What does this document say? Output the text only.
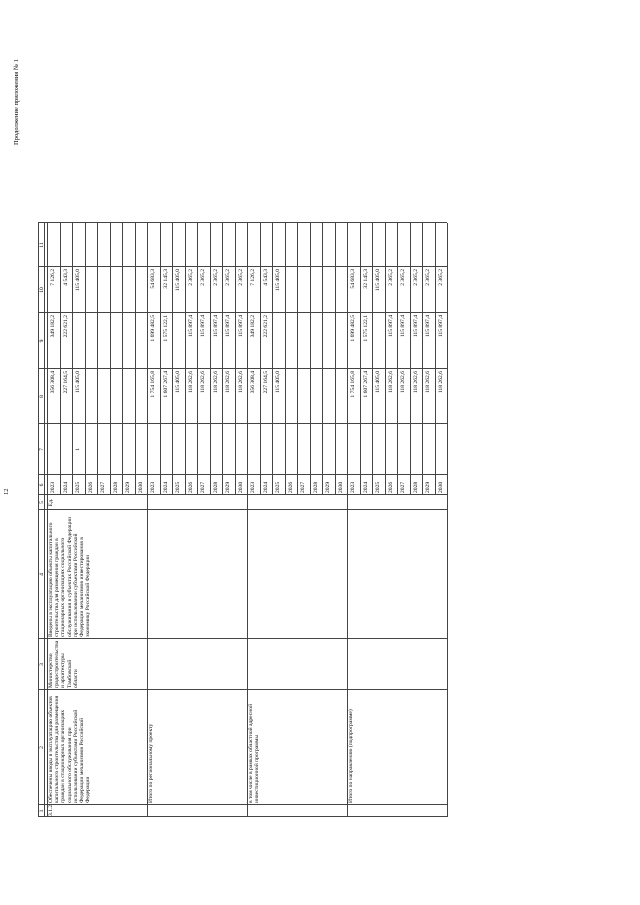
Продолжение приложения № 1
12
1
2
3
4
5
6
7
8
9
10
11
3.1.2.
Обеспечены вводы в эксплуатацию объектов капитального строительства для размещения граждан в стационарных организациях социального обслуживания при использовании субъектами Российской Федерации механизмов Российской Федерации
Министерство градостроительства и архитектуры Тамбовской области
Введены в эксплуатацию объекты капитального строительства для размещения граждан в стационарных организациях социального обслуживания в субъектах Российской Федерации при использовании субъектами Российской Федерации механизмов инвестирования в экономику Российской Федерации
Ед.
2023
356 308,4
349 182,2
7 126,2
2024
227 164,5
222 621,2
4 543,3
2025
1
115 405,0
115 405,0
2026 2027 2028 2029 2030
Итого по региональному проекту
2023
1 754 165,8
1 699 482,5
54 683,3
2024
1 607 267,4
1 575 122,1
32 145,3
2025
115 405,0
115 405,0
2026
118 262,6
115 897,4
2 365,2
2027
118 262,6
115 897,4
2 365,2
2028
118 262,6
115 897,4
2 365,2
2029
118 262,6
115 897,4
2 365,2
2030
118 262,6
115 897,4
2 365,2
в том числе в рамках областной адресной инвестиционной программы
2023
356 308,4
349 182,2
7 126,2
2024
227 164,5
222 621,2
4 543,3
2025
115 405,0
115 405,0
2026 2027 2028 2029 2030
Итого по направлению (подпрограмме)
2023
1 754 165,8
1 699 482,5
54 683,3
2024
1 607 267,4
1 575 122,1
32 145,3
2025
115 405,0
115 405,0
2026
118 262,6
115 897,4
2 365,2
2027
118 262,6
115 897,4
2 365,2
2028
118 262,6
115 897,4
2 365,2
2029
118 262,6
115 897,4
2 365,2
2030
118 262,6
115 897,4
2 365,2
